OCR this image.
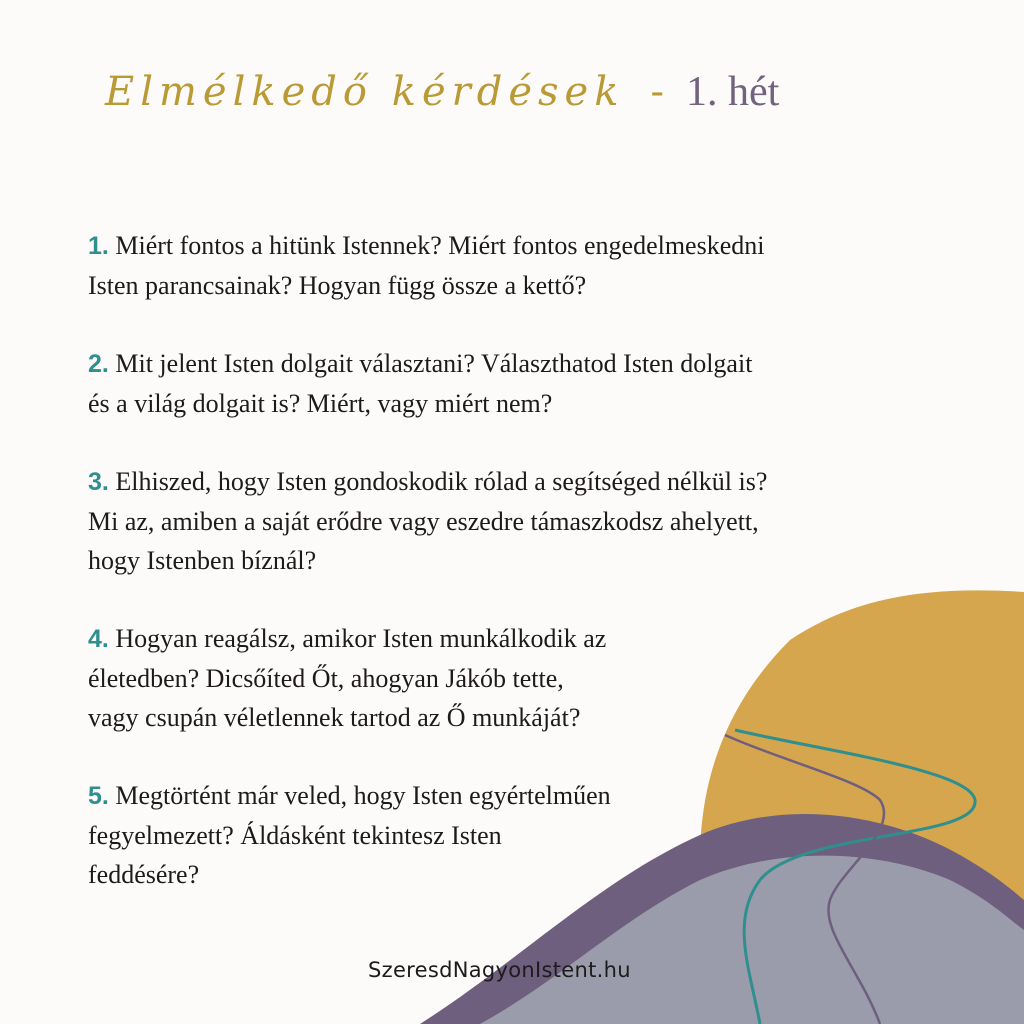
Elmélkedő kérdések - 1. hét
1. Miért fontos a hitünk Istennek? Miért fontos engedelmeskedni
Isten parancsainak? Hogyan függ össze a kettő?
2. Mit jelent Isten dolgait választani? Választhatod Isten dolgait
és a világ dolgait is? Miért, vagy miért nem?
3. Elhiszed, hogy Isten gondoskodik rólad a segítséged nélkül is?
Mi az, amiben a saját erődre vagy eszedre támaszkodsz ahelyett,
hogy Istenben bíznál?
4. Hogyan reagálsz, amikor Isten munkálkodik az
életedben? Dicsőíted Őt, ahogyan Jákób tette,
vagy csupán véletlennek tartod az Ő munkáját?
5. Megtörtént már veled, hogy Isten egyértelműen
fegyelmezett? Áldásként tekintesz Isten
feddésére?
SzeresdNagyonIstent.hu
